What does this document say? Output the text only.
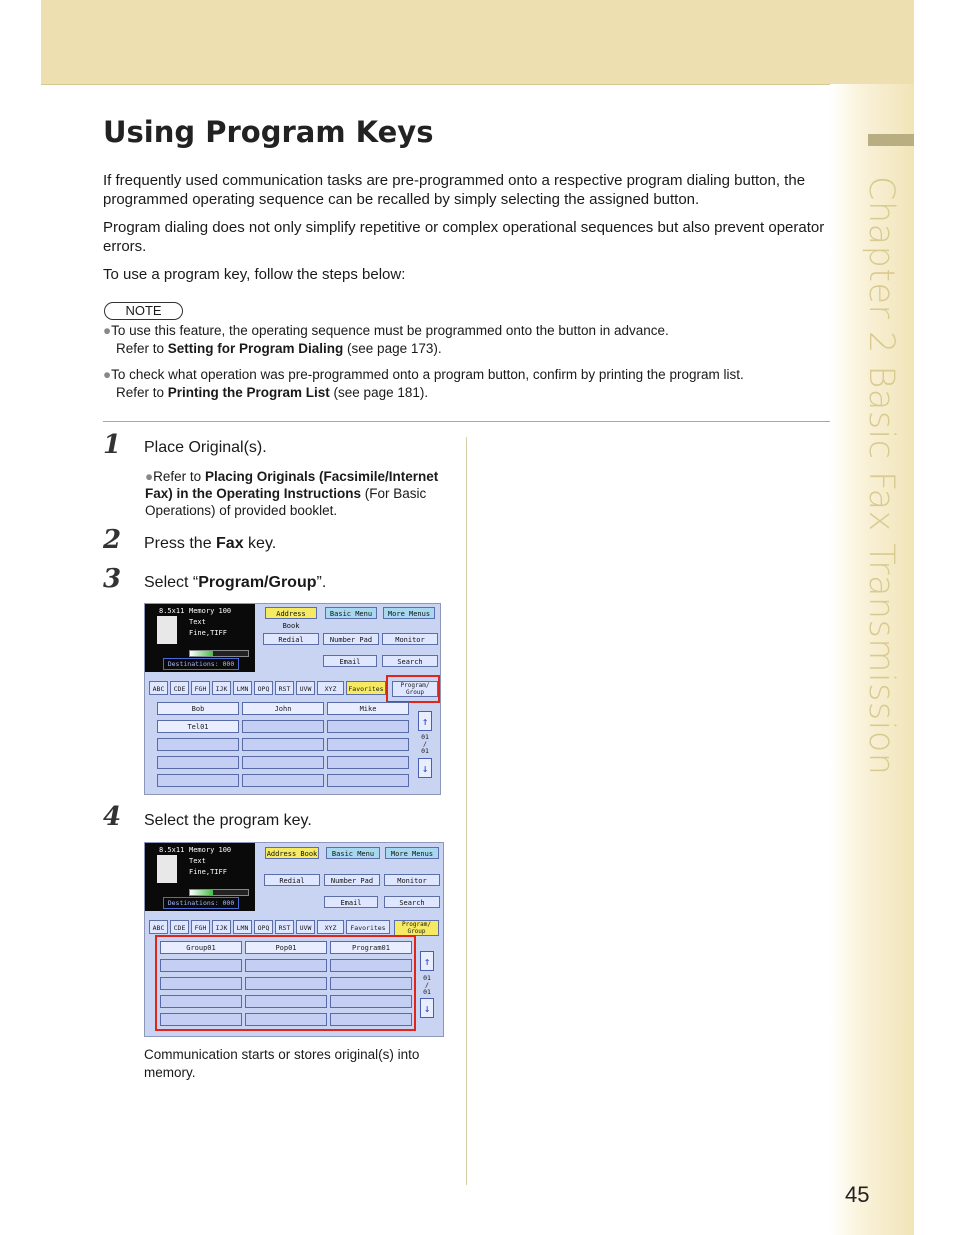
Chapter 2 Basic Fax Transmission
Using Program Keys

If frequently used communication tasks are pre-programmed onto a respective program dialing button, the programmed operating sequence can be recalled by simply selecting the assigned button.

Program dialing does not only simplify repetitive or complex operational sequences but also prevent operator errors.

To use a program key, follow the steps below:

NOTE

●To use this feature, the operating sequence must be programmed onto the button in advance.
Refer to Setting for Program Dialing (see page 173).

●To check what operation was pre-programmed onto a program button, confirm by printing the program list.
Refer to Printing the Program List (see page 181).

1 Place Original(s).

●Refer to Placing Originals (Facsimile/Internet Fax) in the Operating Instructions (For Basic Operations) of provided booklet.

2 Press the Fax key.

3 Select “Program/Group”.

8.5x11 Memory 100
Text
Fine,TIFF
Destinations: 000
Address Book
Basic Menu	More Menus
Redial	Number Pad	Monitor
Email	Search
ABC	CDE	FGH	IJK	LMN	OPQ	RST	UVW	XYZ	Favorites	Program/ Group
Bob	John	Mike
Tel01	↑
01 / 01
↓
4 Select the program key.

8.5x11 Memory 100
Text
Fine,TIFF
Destinations: 000
Address Book	Basic Menu	More Menus
Redial	Number Pad	Monitor
Email	Search
ABC	CDE	FGH	IJK	LMN	OPQ	RST	UVW	XYZ	Favorites	Program/ Group
Group01	Pop01	Program01
↑
01 / 01
↓

Communication starts or stores original(s) into memory.

45
